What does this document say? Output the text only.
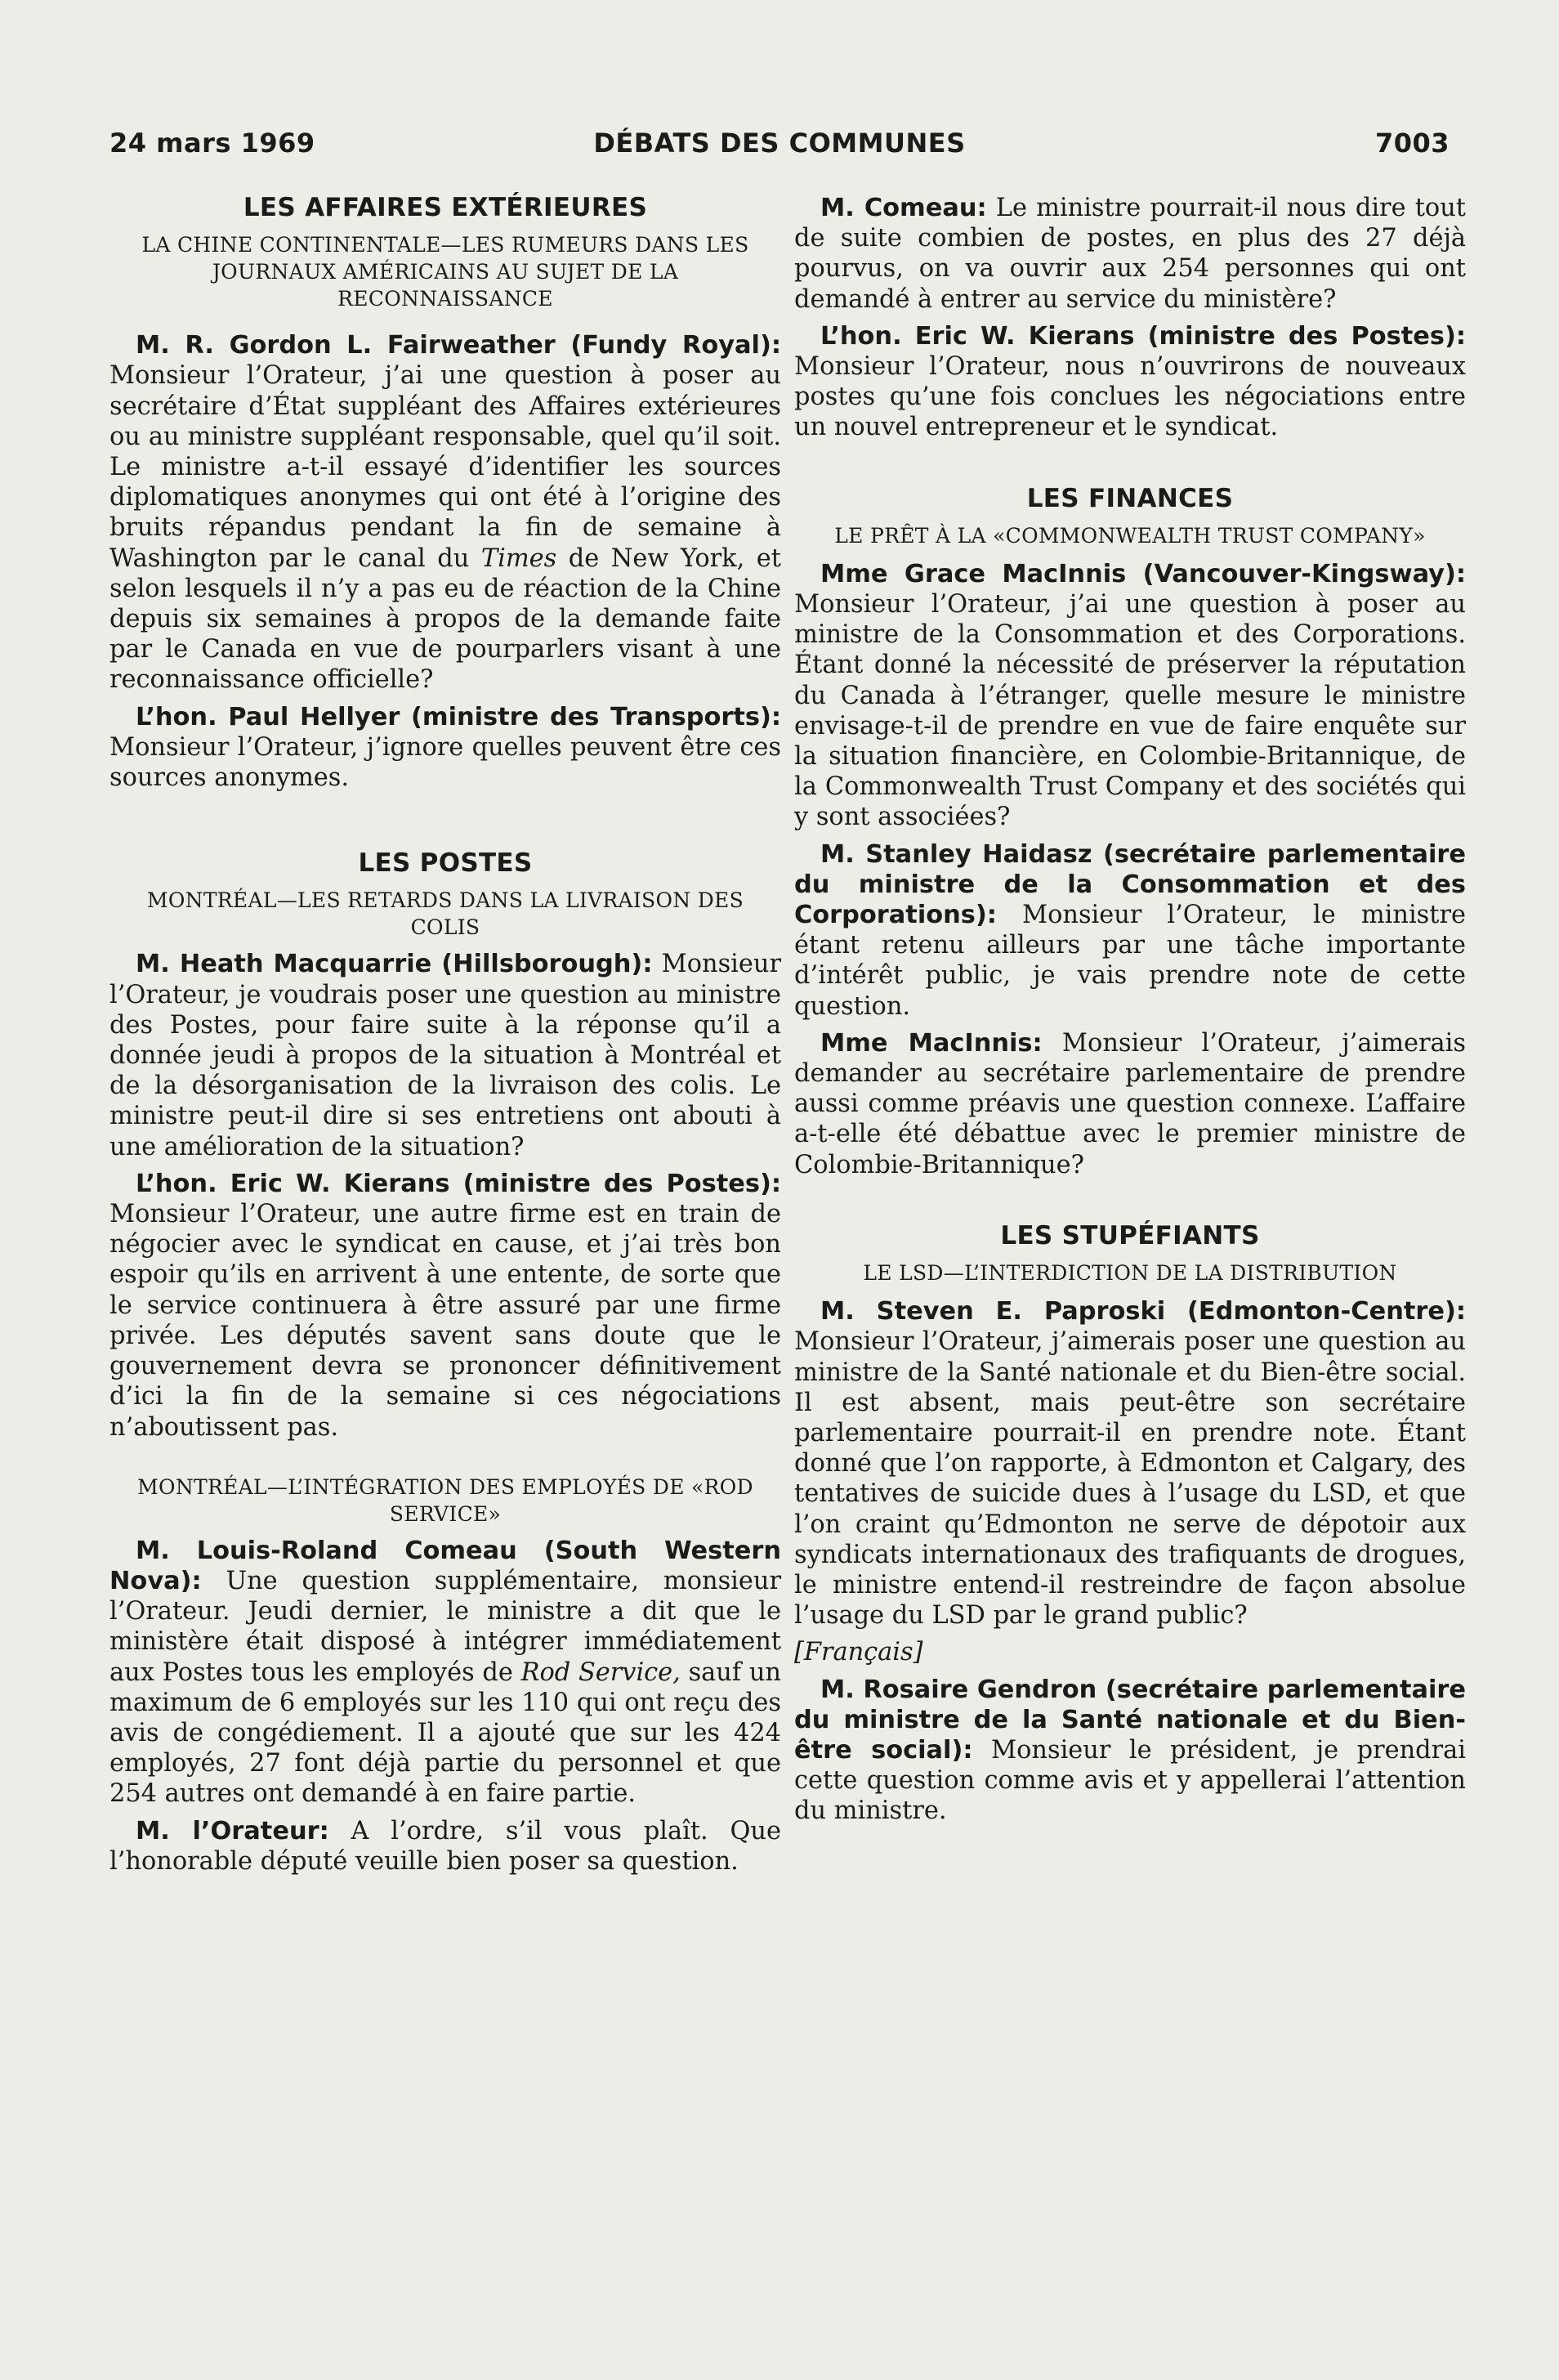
24 mars 1969	DÉBATS DES COMMUNES	7003
LES AFFAIRES EXTÉRIEURES
LA CHINE CONTINENTALE—LES RUMEURS DANS LES JOURNAUX AMÉRICAINS AU SUJET DE LA RECONNAISSANCE

M. R. Gordon L. Fairweather (Fundy Royal): Monsieur l’Orateur, j’ai une question à poser au secrétaire d’État suppléant des Affaires extérieures ou au ministre suppléant responsable, quel qu’il soit. Le ministre a-t-il essayé d’identifier les sources diplomatiques anonymes qui ont été à l’origine des bruits répandus pendant la fin de semaine à Washington par le canal du Times de New York, et selon lesquels il n’y a pas eu de réaction de la Chine depuis six semaines à propos de la demande faite par le Canada en vue de pourparlers visant à une reconnaissance officielle?

L’hon. Paul Hellyer (ministre des Transports): Monsieur l’Orateur, j’ignore quelles peuvent être ces sources anonymes.

LES POSTES
MONTRÉAL—LES RETARDS DANS LA LIVRAISON DES COLIS

M. Heath Macquarrie (Hillsborough): Monsieur l’Orateur, je voudrais poser une question au ministre des Postes, pour faire suite à la réponse qu’il a donnée jeudi à propos de la situation à Montréal et de la désorganisation de la livraison des colis. Le ministre peut-il dire si ses entretiens ont abouti à une amélioration de la situation?

L’hon. Eric W. Kierans (ministre des Postes): Monsieur l’Orateur, une autre firme est en train de négocier avec le syndicat en cause, et j’ai très bon espoir qu’ils en arrivent à une entente, de sorte que le service continuera à être assuré par une firme privée. Les députés savent sans doute que le gouvernement devra se prononcer définitivement d’ici la fin de la semaine si ces négociations n’aboutissent pas.

MONTRÉAL—L’INTÉGRATION DES EMPLOYÉS DE «ROD SERVICE»

M. Louis-Roland Comeau (South Western Nova): Une question supplémentaire, monsieur l’Orateur. Jeudi dernier, le ministre a dit que le ministère était disposé à intégrer immédiatement aux Postes tous les employés de Rod Service, sauf un maximum de 6 employés sur les 110 qui ont reçu des avis de congédiement. Il a ajouté que sur les 424 employés, 27 font déjà partie du personnel et que 254 autres ont demandé à en faire partie.

M. l’Orateur: A l’ordre, s’il vous plaît. Que l’honorable député veuille bien poser sa question.

M. Comeau: Le ministre pourrait-il nous dire tout de suite combien de postes, en plus des 27 déjà pourvus, on va ouvrir aux 254 personnes qui ont demandé à entrer au service du ministère?

L’hon. Eric W. Kierans (ministre des Postes): Monsieur l’Orateur, nous n’ouvrirons de nouveaux postes qu’une fois conclues les négociations entre un nouvel entrepreneur et le syndicat.

LES FINANCES
LE PRÊT À LA «COMMONWEALTH TRUST COMPANY»

Mme Grace MacInnis (Vancouver-Kingsway): Monsieur l’Orateur, j’ai une question à poser au ministre de la Consommation et des Corporations. Étant donné la nécessité de préserver la réputation du Canada à l’étranger, quelle mesure le ministre envisage-t-il de prendre en vue de faire enquête sur la situation financière, en Colombie-Britannique, de la Commonwealth Trust Company et des sociétés qui y sont associées?

M. Stanley Haidasz (secrétaire parlementaire du ministre de la Consommation et des Corporations): Monsieur l’Orateur, le ministre étant retenu ailleurs par une tâche importante d’intérêt public, je vais prendre note de cette question.

Mme MacInnis: Monsieur l’Orateur, j’aimerais demander au secrétaire parlementaire de prendre aussi comme préavis une question connexe. L’affaire a-t-elle été débattue avec le premier ministre de Colombie-Britannique?

LES STUPÉFIANTS
LE LSD—L’INTERDICTION DE LA DISTRIBUTION

M. Steven E. Paproski (Edmonton-Centre): Monsieur l’Orateur, j’aimerais poser une question au ministre de la Santé nationale et du Bien-être social. Il est absent, mais peut-être son secrétaire parlementaire pourrait-il en prendre note. Étant donné que l’on rapporte, à Edmonton et Calgary, des tentatives de suicide dues à l’usage du LSD, et que l’on craint qu’Edmonton ne serve de dépotoir aux syndicats internationaux des trafiquants de drogues, le ministre entend-il restreindre de façon absolue l’usage du LSD par le grand public?

[Français]

M. Rosaire Gendron (secrétaire parlementaire du ministre de la Santé nationale et du Bien-être social): Monsieur le président, je prendrai cette question comme avis et y appellerai l’attention du ministre.
